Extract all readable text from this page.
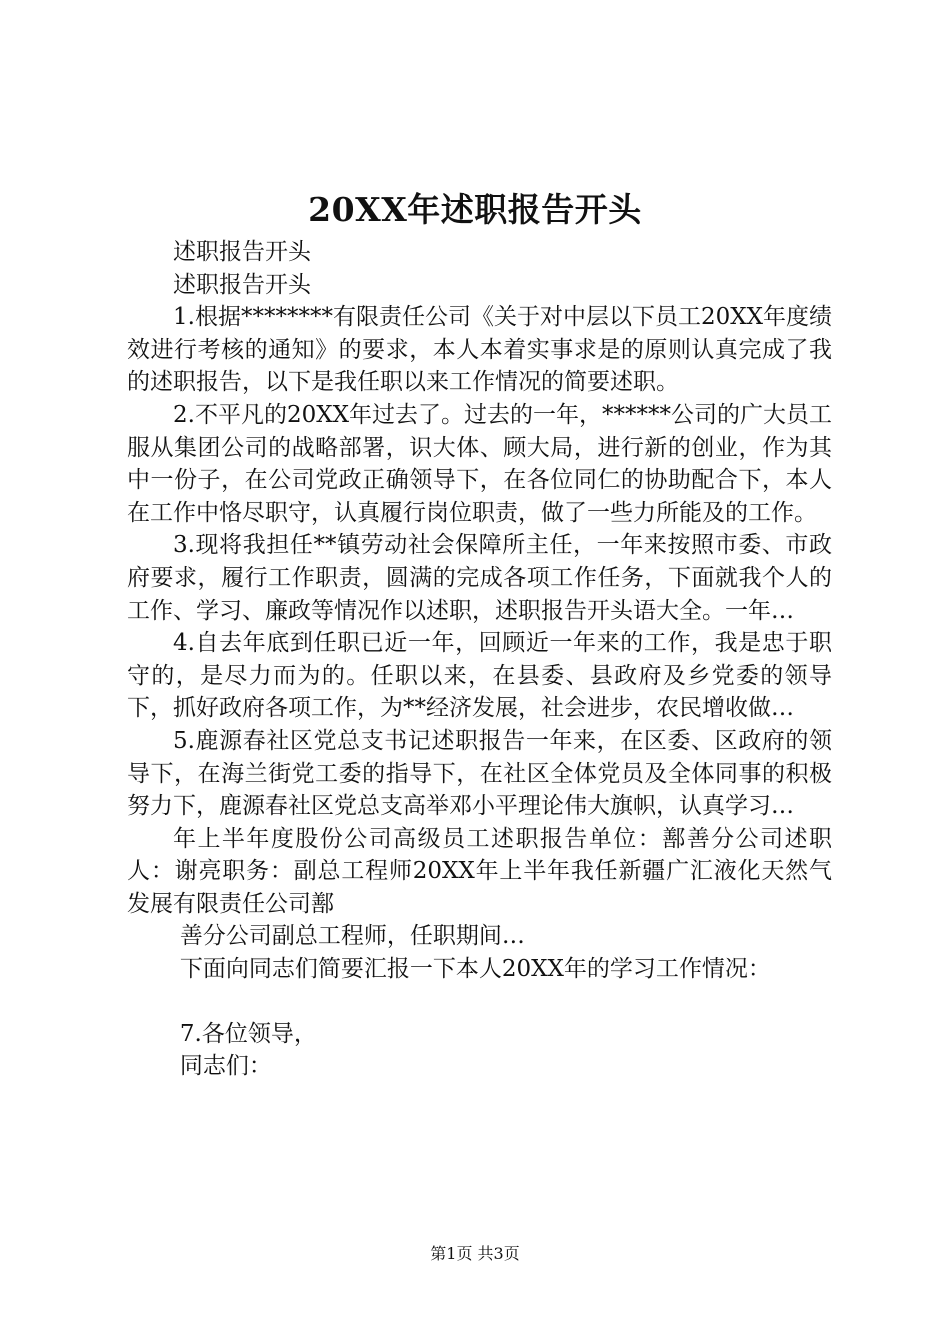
20XX年述职报告开头

述职报告开头

述职报告开头

1.根据********有限责任公司《关于对中层以下员工20XX年度绩效进行考核的通知》的要求，本人本着实事求是的原则认真完成了我的述职报告，以下是我任职以来工作情况的简要述职。

2.不平凡的20XX年过去了。过去的一年，******公司的广大员工服从集团公司的战略部署，识大体、顾大局，进行新的创业，作为其中一份子，在公司党政正确领导下，在各位同仁的协助配合下，本人在工作中恪尽职守，认真履行岗位职责，做了一些力所能及的工作。

3.现将我担任**镇劳动社会保障所主任，一年来按照市委、市政府要求，履行工作职责，圆满的完成各项工作任务，下面就我个人的工作、学习、廉政等情况作以述职，述职报告开头语大全。一年…

4.自去年底到任职已近一年，回顾近一年来的工作，我是忠于职守的，是尽力而为的。任职以来，在县委、县政府及乡党委的领导下，抓好政府各项工作，为**经济发展，社会进步，农民增收做…

5.鹿源春社区党总支书记述职报告一年来，在区委、区政府的领导下，在海兰街党工委的指导下，在社区全体党员及全体同事的积极努力下，鹿源春社区党总支高举邓小平理论伟大旗帜，认真学习…

年上半年度股份公司高级员工述职报告单位：鄯善分公司述职人：谢亮职务：副总工程师20XX年上半年我任新疆广汇液化天然气发展有限责任公司鄯

善分公司副总工程师，任职期间…

下面向同志们简要汇报一下本人20XX年的学习工作情况：

7.各位领导，

同志们：

第1页 共3页
